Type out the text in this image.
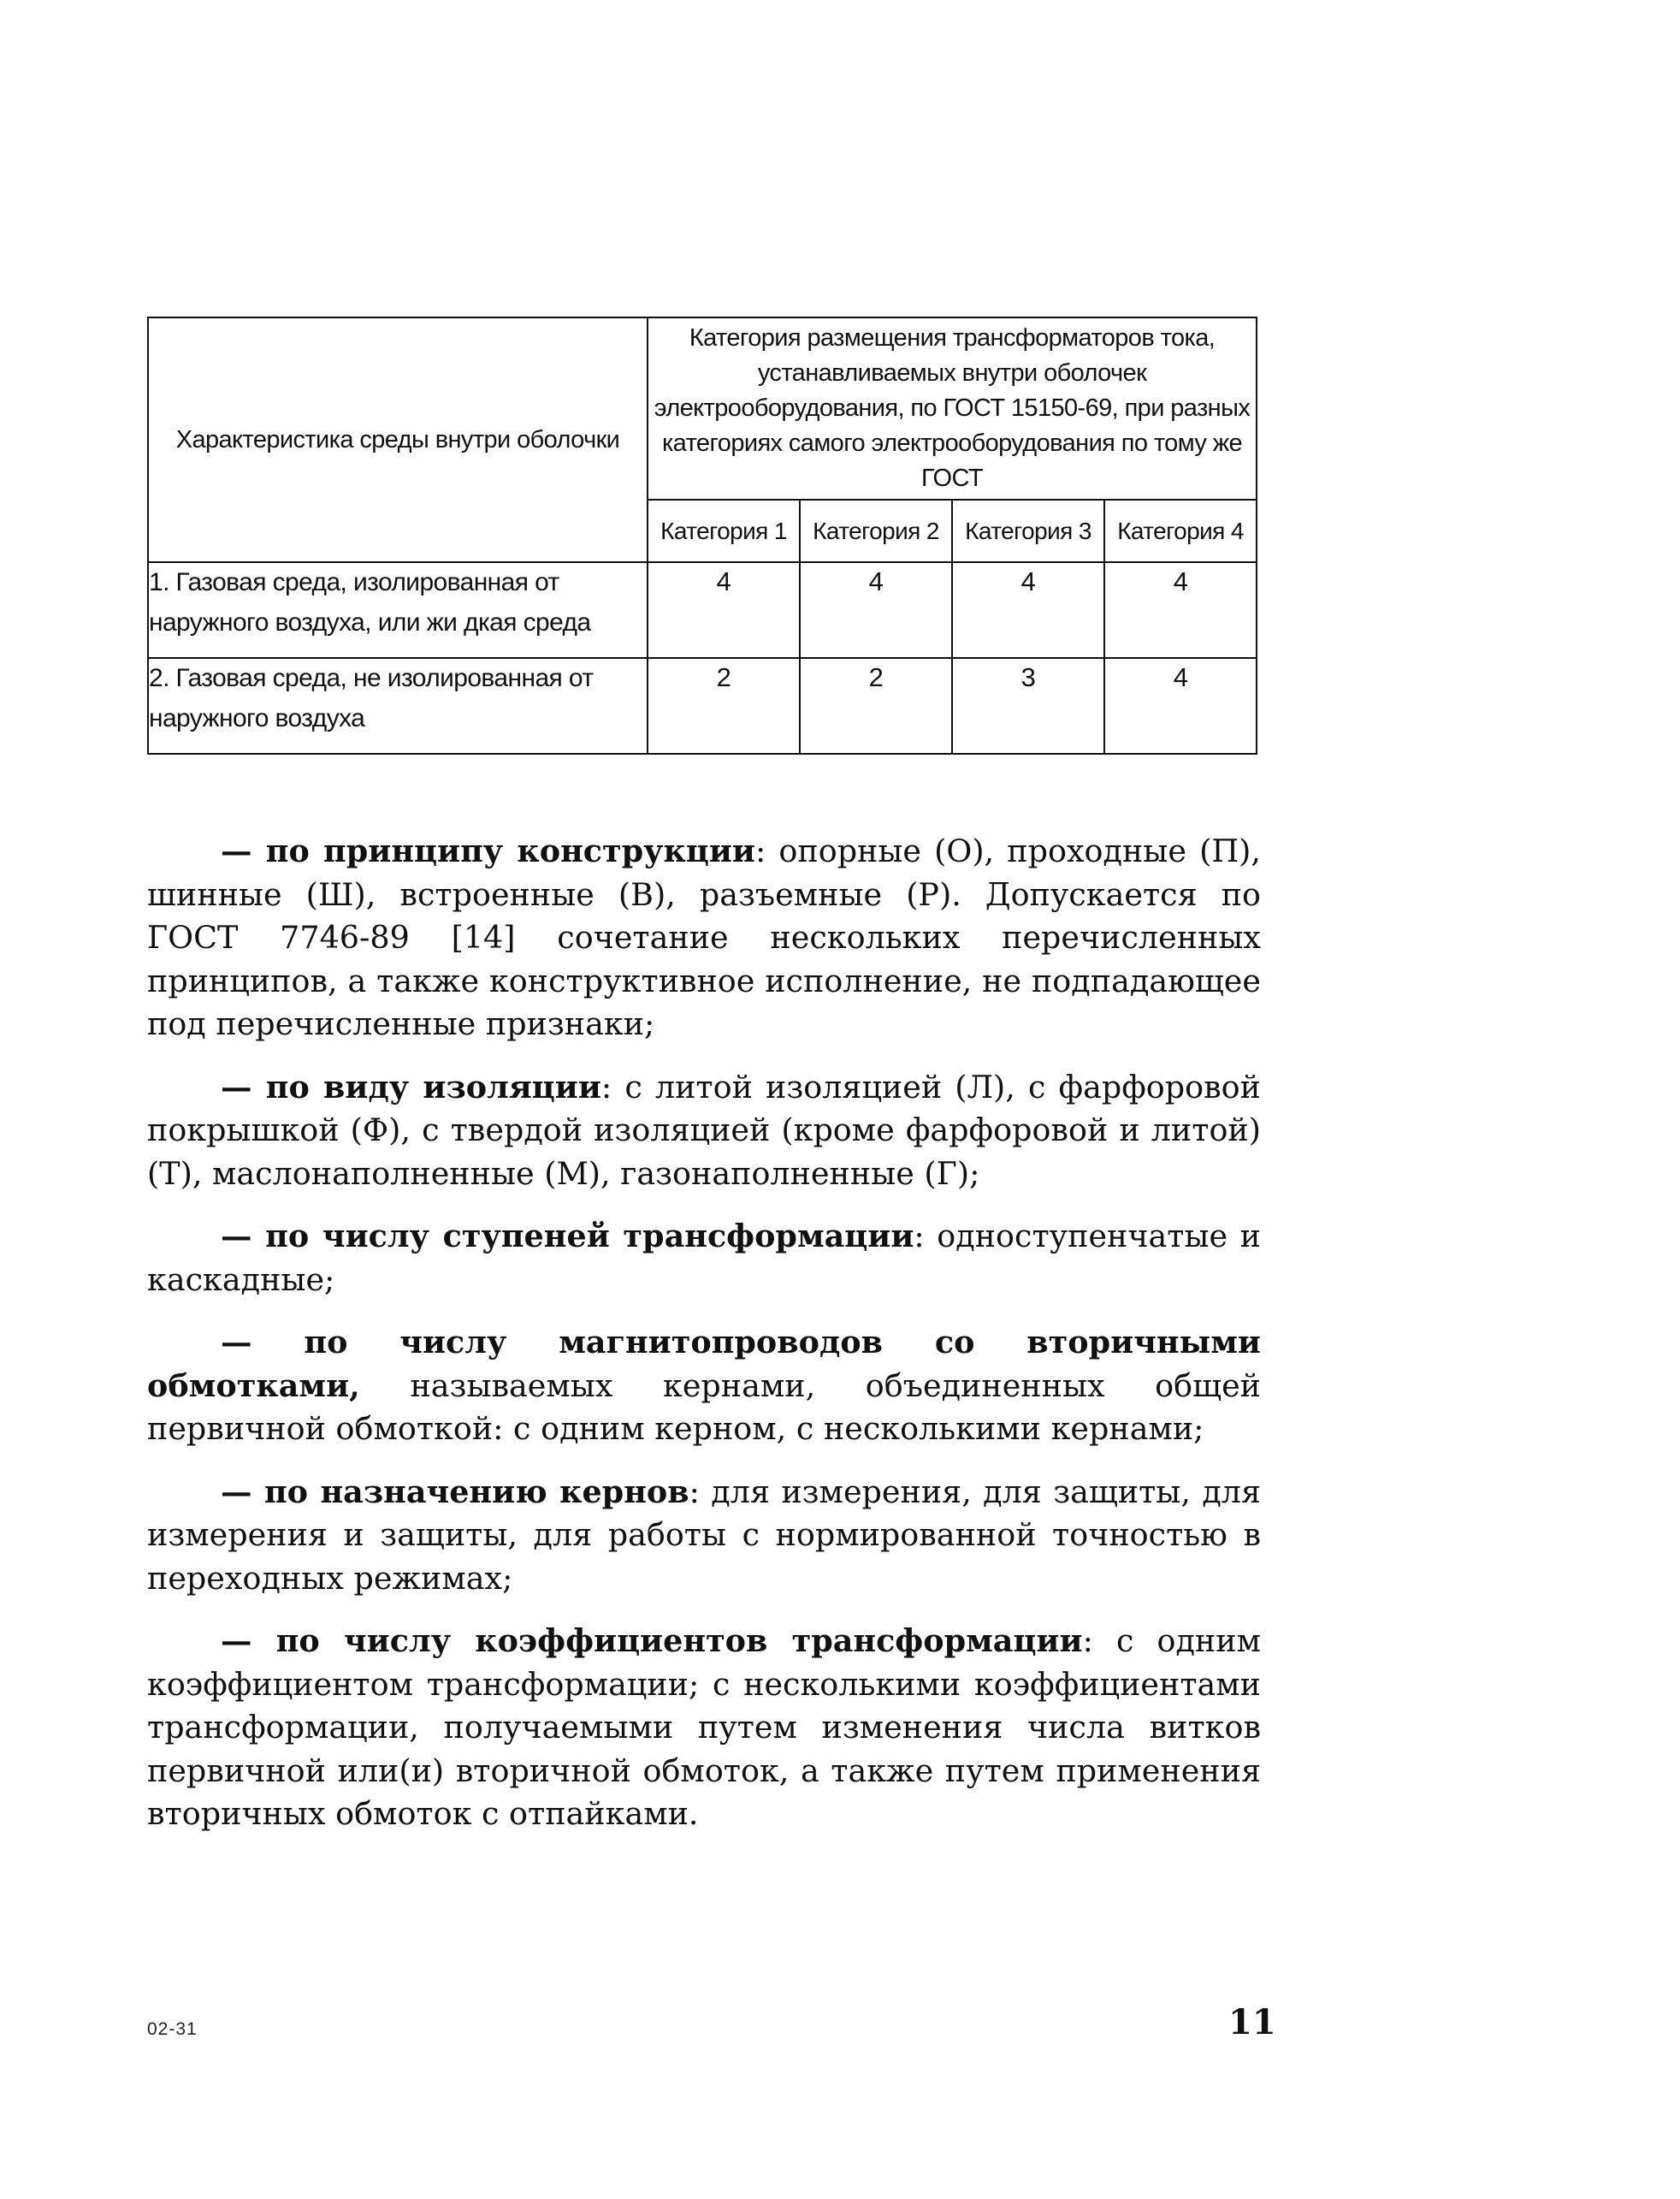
Характеристика среды внутри оболочки	Категория размещения трансформаторов тока, устанавливаемых внутри оболочек электрооборудования, по ГОСТ 15150-69, при разных категориях самого электрооборудования по тому же ГОСТ			
	Категория 1	Категория 2	Категория 3	Категория 4
1. Газовая среда, изолированная от наружного воздуха, или жи дкая среда	4	4	4	4
2. Газовая среда, не изолированная от наружного воздуха	2	2	3	4

— по принципу конструкции: опорные (О), проходные (П), шинные (Ш), встроенные (В), разъемные (Р). Допускается по ГОСТ 7746-89 [14] сочетание нескольких перечисленных принципов, а также конструктивное исполнение, не подпадающее под перечисленные признаки;

— по виду изоляции: с литой изоляцией (Л), с фарфоровой покрышкой (Ф), с твердой изоляцией (кроме фарфоровой и литой) (Т), маслонаполненные (М), газонаполненные (Г);

— по числу ступеней трансформации: одноступенчатые и каскадные;

— по числу магнитопроводов со вторичными обмотками, называемых кернами, объединенных общей первичной обмоткой: с одним керном, с несколькими кернами;

— по назначению кернов: для измерения, для защиты, для измерения и защиты, для работы с нормированной точностью в переходных режимах;

— по числу коэффициентов трансформации: с одним коэффициентом трансформации; с несколькими коэффициентами трансформации, получаемыми путем изменения числа витков первичной или(и) вторичной обмоток, а также путем применения вторичных обмоток с отпайками.

02-31	11
